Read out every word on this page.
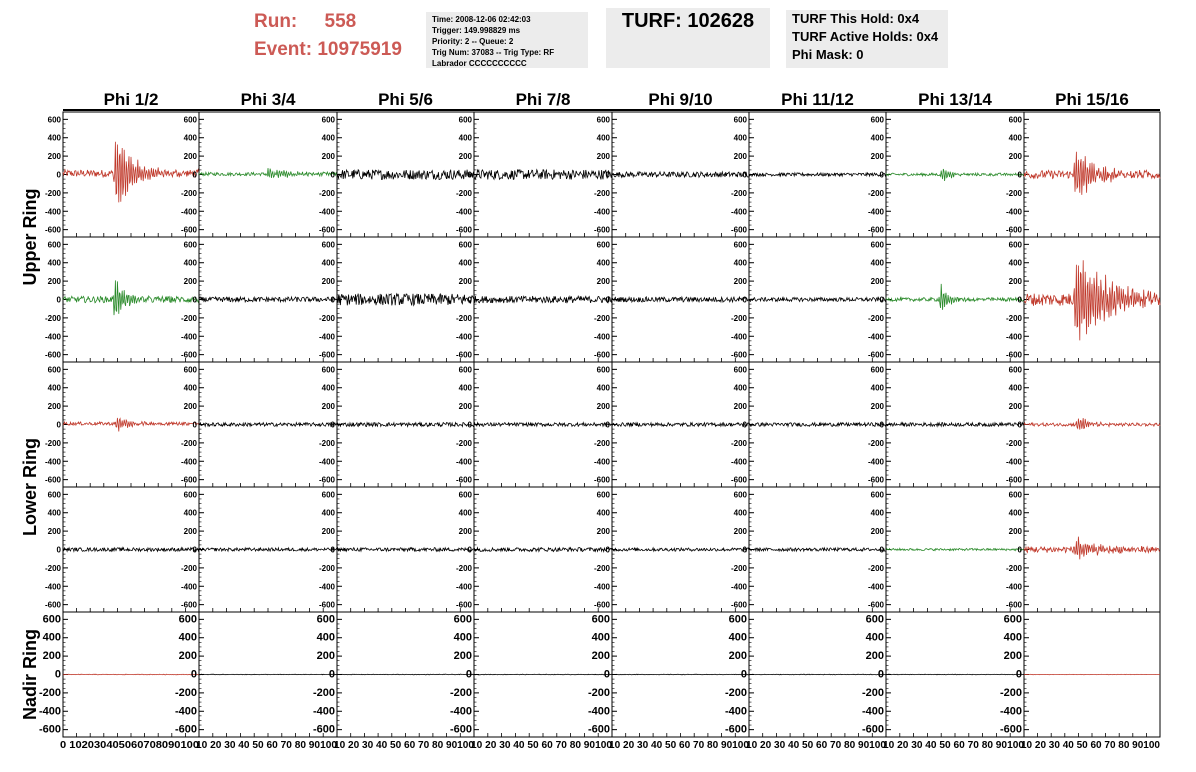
Run: 558
Event: 10975919
Time: 2008-12-06 02:42:03
Trigger: 149.998829 ms
Priority: 2 -- Queue: 2
Trig Num: 37083 -- Trig Type: RF
Labrador CCCCCCCCCC
TURF: 102628	TURF This Hold: 0x4
TURF Active Holds: 0x4
Phi Mask: 0
Phi 1/2	Phi 3/4	Phi 5/6	Phi 7/8	Phi 9/10	Phi 11/12	Phi 13/14	Phi 15/16
Upper Ring
Lower Ring
Nadir Ring
600
400
200
0
-200
-400
-600
600
400
200
0
-200
-400
-600
600
400
200
0
-200
-400
-600
600
400
200
0
-200
-400
-600
600
400
200
0
-200
-400
-600
600
400
200
0
-200
-400
-600
600
400
200
0
-200
-400
-600
600
400
200
0
-200
-400
-600
600
400
200
0
-200
-400
-600
600
400
200
0
-200
-400
-600
600
400
200
0
-200
-400
-600
600
400
200
0
-200
-400
-600
600
400
200
0
-200
-400
-600
600
400
200
0
-200
-400
-600
600
400
200
0
-200
-400
-600
600
400
200
0
-200
-400
-600
600
400
200
0
-200
-400
-600
600
400
200
0
-200
-400
-600
600
400
200
0
-200
-400
-600
600
400
200
0
-200
-400
-600
600
400
200
0
-200
-400
-600
600
400
200
0
-200
-400
-600
600
400
200
0
-200
-400
-600
600
400
200
0
-200
-400
-600
600
400
200
0
-200
-400
-600
600
400
200
0
-200
-400
-600
600
400
200
0
-200
-400
-600
600
400
200
0
-200
-400
-600
600
400
200
0
-200
-400
-600
600
400
200
0
-200
-400
-600
600
400
200
0
-200
-400
-600
600
400
200
0
-200
-400
-600
600
400
200
0
-200
-400
-600
600
400
200
0
-200
-400
-600
600
400
200
0
-200
-400
-600
600
400
200
0
-200
-400
-600
600
400
200
0
-200
-400
-600
600
400
200
0
-200
-400
-600
600
400
200
0
-200
-400
-600
600
400
200
0
-200
-400
-600
0 102030405060708090100
10 20 30 40 50 60 70 80 90100
10 20 30 40 50 60 70 80 90100
10 20 30 40 50 60 70 80 90100
10 20 30 40 50 60 70 80 90100
10 20 30 40 50 60 70 80 90100
10 20 30 40 50 60 70 80 90100
10 20 30 40 50 60 70 80 90100
